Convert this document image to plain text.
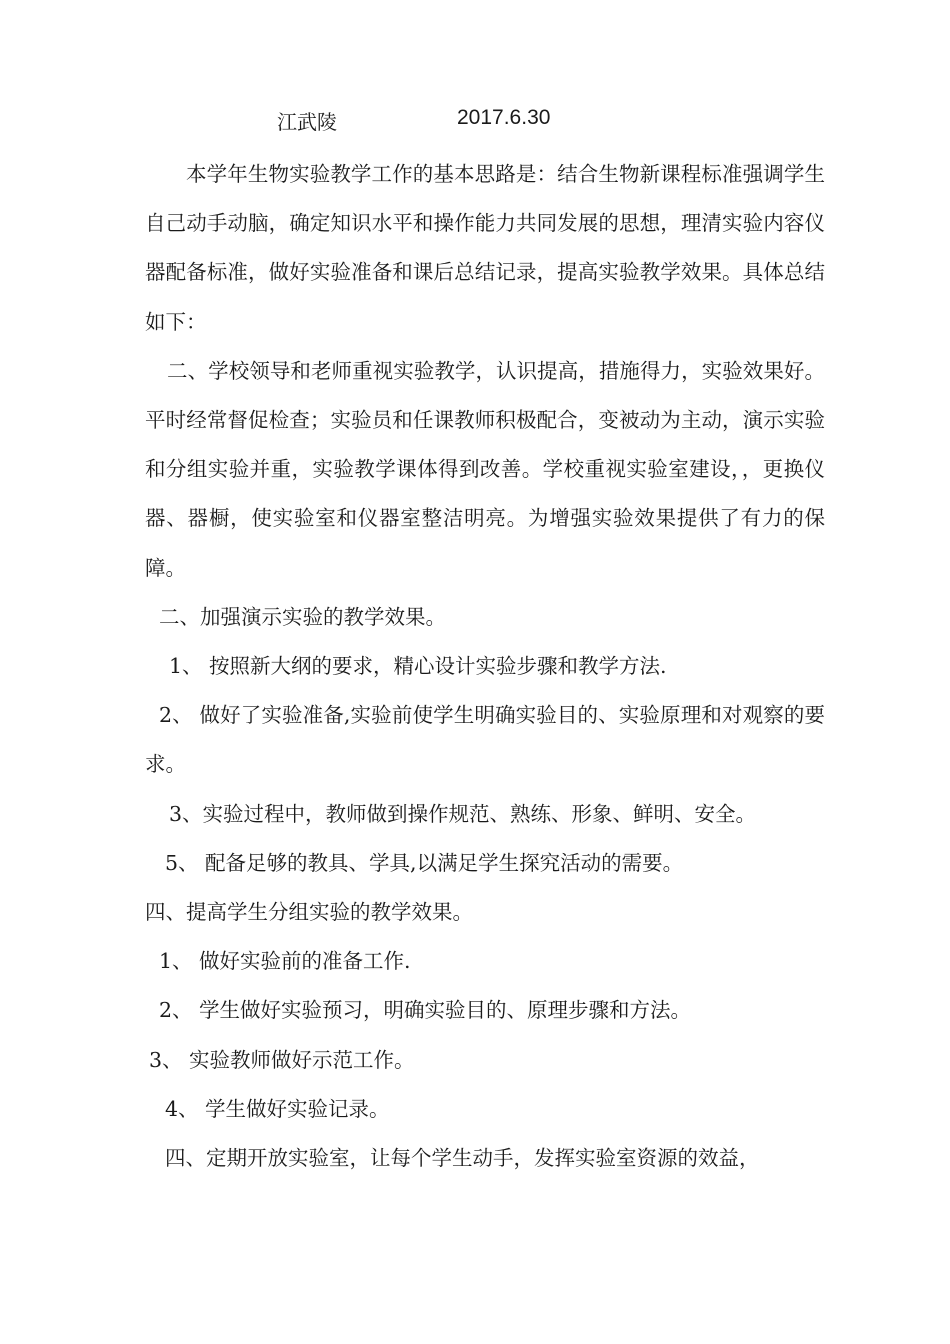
江武陵	2017.6.30

本学年生物实验教学工作的基本思路是：结合生物新课程标准强调学生自己动手动脑，确定知识水平和操作能力共同发展的思想，理清实验内容仪器配备标准，做好实验准备和课后总结记录，提高实验教学效果。具体总结如下：

二、学校领导和老师重视实验教学，认识提高，措施得力，实验效果好。平时经常督促检查；实验员和任课教师积极配合，变被动为主动，演示实验和分组实验并重，实验教学课体得到改善。学校重视实验室建设，，更换仪器、器橱，使实验室和仪器室整洁明亮。为增强实验效果提供了有力的保障。

二、加强演示实验的教学效果。

1、 按照新大纲的要求，精心设计实验步骤和教学方法.

2、 做好了实验准备,实验前使学生明确实验目的、实验原理和对观察的要求。

3、实验过程中，教师做到操作规范、熟练、形象、鲜明、安全。

5、 配备足够的教具、学具,以满足学生探究活动的需要。

四、提高学生分组实验的教学效果。

1、 做好实验前的准备工作.

2、 学生做好实验预习，明确实验目的、原理步骤和方法。

3、 实验教师做好示范工作。

4、 学生做好实验记录。

四、定期开放实验室，让每个学生动手，发挥实验室资源的效益，
